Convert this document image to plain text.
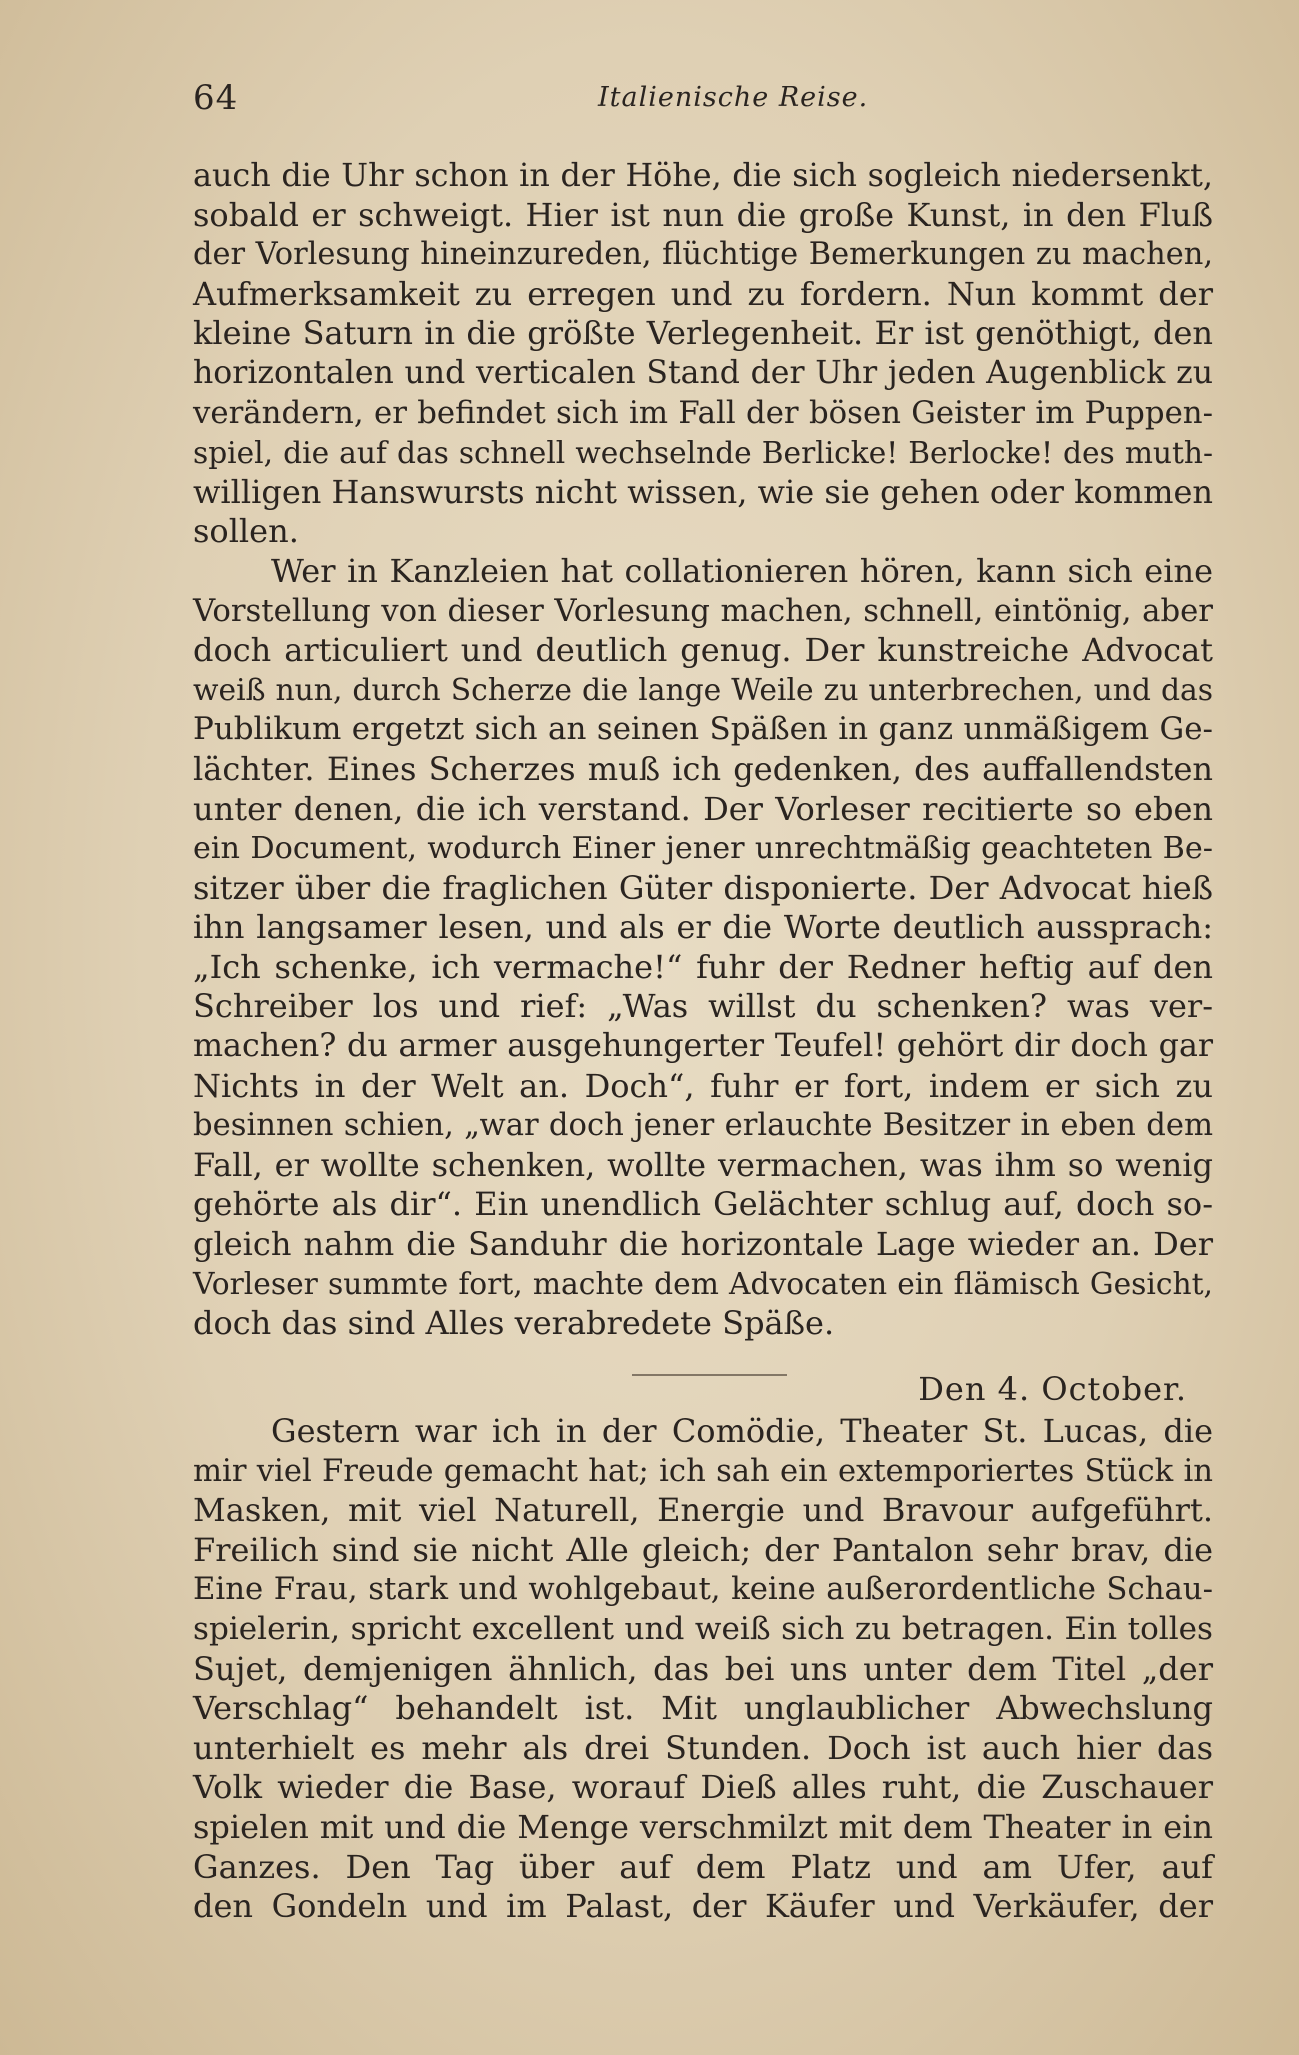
64	Italienische Reise.
auch die Uhr schon in der Höhe, die sich sogleich niedersenkt,
sobald er schweigt. Hier ist nun die große Kunst, in den Fluß
der Vorlesung hineinzureden, flüchtige Bemerkungen zu machen,
Aufmerksamkeit zu erregen und zu fordern. Nun kommt der
kleine Saturn in die größte Verlegenheit. Er ist genöthigt, den
horizontalen und verticalen Stand der Uhr jeden Augenblick zu
verändern, er befindet sich im Fall der bösen Geister im Puppen-
spiel, die auf das schnell wechselnde Berlicke! Berlocke! des muth-
willigen Hanswursts nicht wissen, wie sie gehen oder kommen
sollen.
Wer in Kanzleien hat collationieren hören, kann sich eine
Vorstellung von dieser Vorlesung machen, schnell, eintönig, aber
doch articuliert und deutlich genug. Der kunstreiche Advocat
weiß nun, durch Scherze die lange Weile zu unterbrechen, und das
Publikum ergetzt sich an seinen Späßen in ganz unmäßigem Ge-
lächter. Eines Scherzes muß ich gedenken, des auffallendsten
unter denen, die ich verstand. Der Vorleser recitierte so eben
ein Document, wodurch Einer jener unrechtmäßig geachteten Be-
sitzer über die fraglichen Güter disponierte. Der Advocat hieß
ihn langsamer lesen, und als er die Worte deutlich aussprach:
„Ich schenke, ich vermache!“ fuhr der Redner heftig auf den
Schreiber los und rief: „Was willst du schenken? was ver-
machen? du armer ausgehungerter Teufel! gehört dir doch gar
Nichts in der Welt an. Doch“, fuhr er fort, indem er sich zu
besinnen schien, „war doch jener erlauchte Besitzer in eben dem
Fall, er wollte schenken, wollte vermachen, was ihm so wenig
gehörte als dir“. Ein unendlich Gelächter schlug auf, doch so-
gleich nahm die Sanduhr die horizontale Lage wieder an. Der
Vorleser summte fort, machte dem Advocaten ein flämisch Gesicht,
doch das sind Alles verabredete Späße.
Den 4. October.
Gestern war ich in der Comödie, Theater St. Lucas, die
mir viel Freude gemacht hat; ich sah ein extemporiertes Stück in
Masken, mit viel Naturell, Energie und Bravour aufgeführt.
Freilich sind sie nicht Alle gleich; der Pantalon sehr brav, die
Eine Frau, stark und wohlgebaut, keine außerordentliche Schau-
spielerin, spricht excellent und weiß sich zu betragen. Ein tolles
Sujet, demjenigen ähnlich, das bei uns unter dem Titel „der
Verschlag“ behandelt ist. Mit unglaublicher Abwechslung
unterhielt es mehr als drei Stunden. Doch ist auch hier das
Volk wieder die Base, worauf Dieß alles ruht, die Zuschauer
spielen mit und die Menge verschmilzt mit dem Theater in ein
Ganzes. Den Tag über auf dem Platz und am Ufer, auf
den Gondeln und im Palast, der Käufer und Verkäufer, der
